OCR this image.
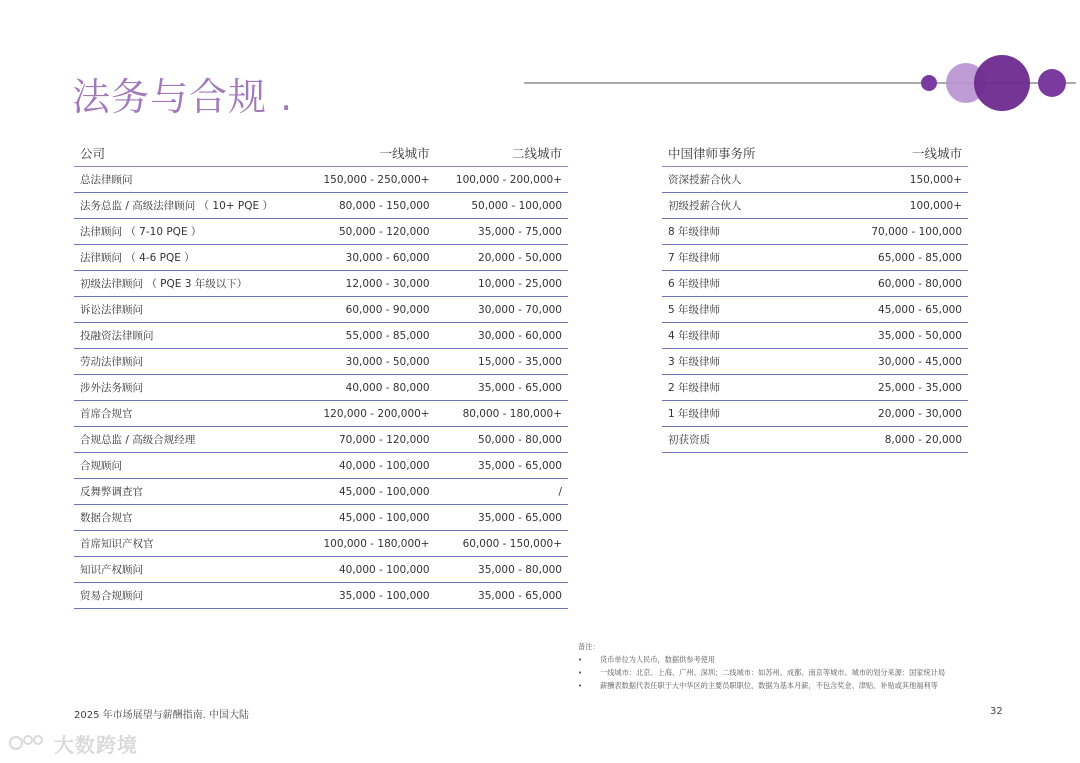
法务与合规 .
公司	一线城市	二线城市
总法律顾问	150,000 - 250,000+	100,000 - 200,000+
法务总监 / 高级法律顾问 （ 10+ PQE ）	80,000 - 150,000	50,000 - 100,000
法律顾问 （ 7-10 PQE ）	50,000 - 120,000	35,000 - 75,000
法律顾问 （ 4-6 PQE ）	30,000 - 60,000	20,000 - 50,000
初级法律顾问 （ PQE 3 年级以下）	12,000 - 30,000	10,000 - 25,000
诉讼法律顾问	60,000 - 90,000	30,000 - 70,000
投融资法律顾问	55,000 - 85,000	30,000 - 60,000
劳动法律顾问	30,000 - 50,000	15,000 - 35,000
涉外法务顾问	40,000 - 80,000	35,000 - 65,000
首席合规官	120,000 - 200,000+	80,000 - 180,000+
合规总监 / 高级合规经理	70,000 - 120,000	50,000 - 80,000
合规顾问	40,000 - 100,000	35,000 - 65,000
反舞弊调查官	45,000 - 100,000	/
数据合规官	45,000 - 100,000	35,000 - 65,000
首席知识产权官	100,000 - 180,000+	60,000 - 150,000+
知识产权顾问	40,000 - 100,000	35,000 - 80,000
贸易合规顾问	35,000 - 100,000	35,000 - 65,000
中国律师事务所	一线城市
资深授薪合伙人	150,000+
初级授薪合伙人	100,000+
8 年级律师	70,000 - 100,000
7 年级律师	65,000 - 85,000
6 年级律师	60,000 - 80,000
5 年级律师	45,000 - 65,000
4 年级律师	35,000 - 50,000
3 年级律师	30,000 - 45,000
2 年级律师	25,000 - 35,000
1 年级律师	20,000 - 30,000
初获资质	8,000 - 20,000
备注：
• 货币单位为人民币，数据供参考使用
• 一线城市：北京、上海、广州、深圳；二线城市：如苏州、成都、南京等城市。城市的划分来源：国家统计局
• 薪酬表数据代表任职于大中华区的主要员职职位，数据为基本月薪，不包含奖金、津贴、补贴或其他福利等
2025 年市场展望与薪酬指南. 中国大陆	32
大数跨境
